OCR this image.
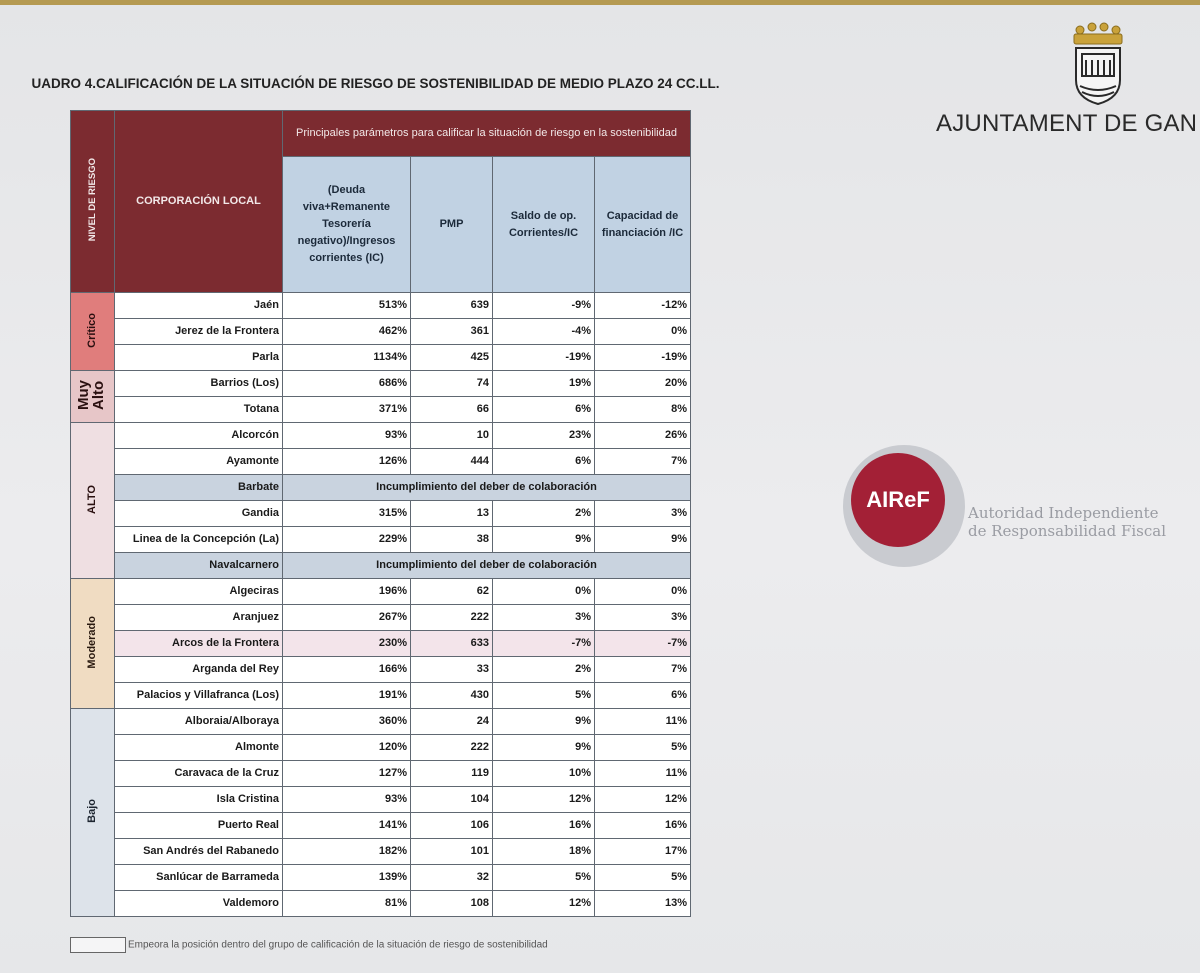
UADRO 4.CALIFICACIÓN DE LA SITUACIÓN DE RIESGO DE SOSTENIBILIDAD DE MEDIO PLAZO 24 CC.LL.
AJUNTAMENT DE GAN
AIReF
Autoridad Independiente
de Responsabilidad Fiscal
NIVEL DE RIESGO	CORPORACIÓN LOCAL	Principales parámetros para calificar la situación de riesgo en la sostenibilidad			
		(Deuda viva+Remanente Tesorería negativo)/Ingresos corrientes (IC)	PMP	Saldo de op. Corrientes/IC	Capacidad de financiación /IC
Crítico	Jaén	513%	639	-9%	-12%
	Jerez de la Frontera	462%	361	-4%	0%
	Parla	1134%	425	-19%	-19%
Muy Alto	Barrios (Los)	686%	74	19%	20%
	Totana	371%	66	6%	8%
ALTO	Alcorcón	93%	10	23%	26%
	Ayamonte	126%	444	6%	7%
	Barbate	Incumplimiento del deber de colaboración			
	Gandia	315%	13	2%	3%
	Linea de la Concepción (La)	229%	38	9%	9%
	Navalcarnero	Incumplimiento del deber de colaboración			
Moderado	Algeciras	196%	62	0%	0%
	Aranjuez	267%	222	3%	3%
	Arcos de la Frontera	230%	633	-7%	-7%
	Arganda del Rey	166%	33	2%	7%
	Palacios y Villafranca (Los)	191%	430	5%	6%
Bajo	Alboraia/Alboraya	360%	24	9%	11%
	Almonte	120%	222	9%	5%
	Caravaca de la Cruz	127%	119	10%	11%
	Isla Cristina	93%	104	12%	12%
	Puerto Real	141%	106	16%	16%
	San Andrés del Rabanedo	182%	101	18%	17%
	Sanlúcar de Barrameda	139%	32	5%	5%
	Valdemoro	81%	108	12%	13%
Empeora la posición dentro del grupo de calificación de la situación de riesgo de sostenibilidad
